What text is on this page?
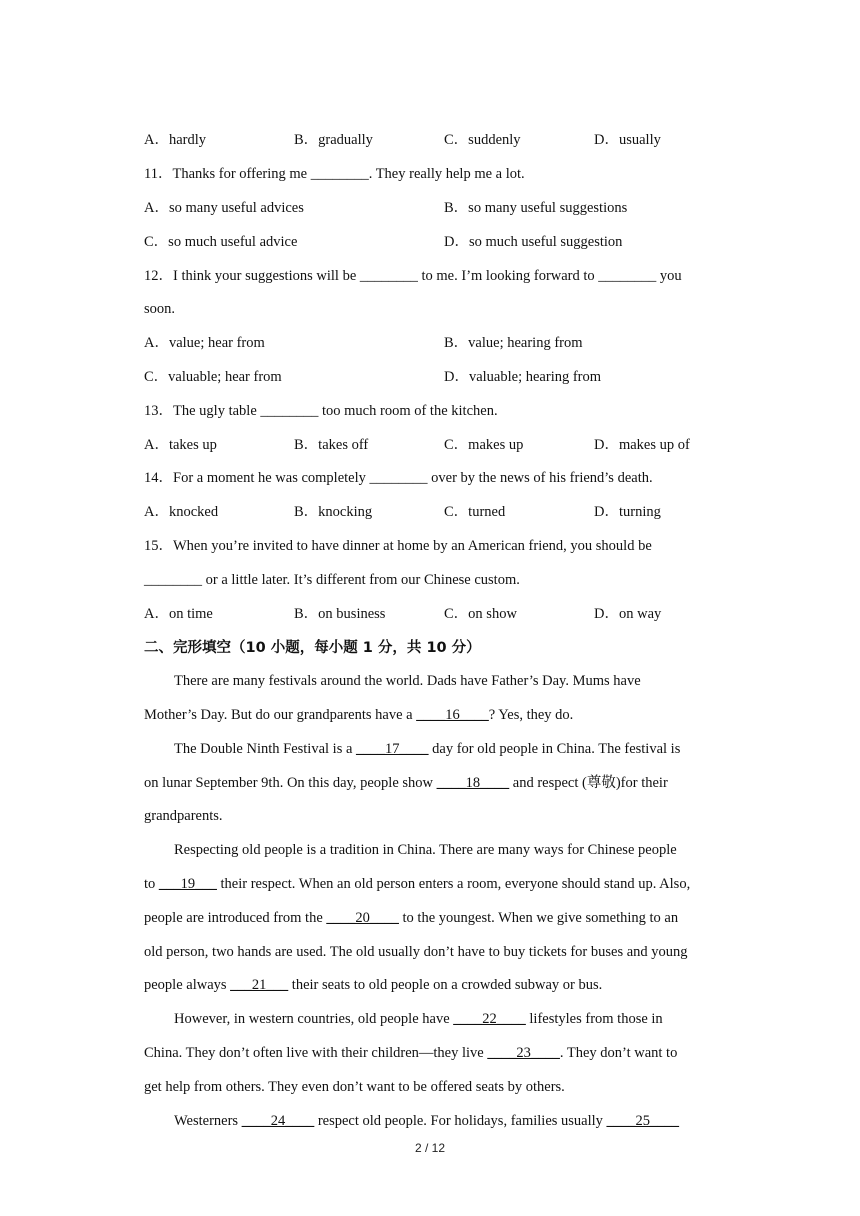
A．hardly	B．gradually	C．suddenly	D．usually
11．Thanks for offering me ________. They really help me a lot.
A．so many useful advices	B．so many useful suggestions
C．so much useful advice	D．so much useful suggestion
12．I think your suggestions will be ________ to me. I’m looking forward to ________ you
soon.
A．value; hear from	B．value; hearing from
C．valuable; hear from	D．valuable; hearing from
13．The ugly table ________ too much room of the kitchen.
A．takes up	B．takes off	C．makes up	D．makes up of
14．For a moment he was completely ________ over by the news of his friend’s death.
A．knocked	B．knocking	C．turned	D．turning
15．When you’re invited to have dinner at home by an American friend, you should be
________ or a little later. It’s different from our Chinese custom.
A．on time	B．on business	C．on show	D．on way
二、完形填空（10 小题，每小题 1 分，共 10 分）
There are many festivals around the world. Dads have Father’s Day. Mums have
Mother’s Day. But do our grandparents have a ____16____? Yes, they do.
The Double Ninth Festival is a ____17____ day for old people in China. The festival is
on lunar September 9th. On this day, people show ____18____ and respect (尊敬)for their
grandparents.
Respecting old people is a tradition in China. There are many ways for Chinese people
to ___19___ their respect. When an old person enters a room, everyone should stand up. Also,
people are introduced from the ____20____ to the youngest. When we give something to an
old person, two hands are used. The old usually don’t have to buy tickets for buses and young
people always ___21___ their seats to old people on a crowded subway or bus.
However, in western countries, old people have ____22____ lifestyles from those in
China. They don’t often live with their children—they live ____23____. They don’t want to
get help from others. They even don’t want to be offered seats by others.
Westerners ____24____ respect old people. For holidays, families usually ____25____
2 / 12
